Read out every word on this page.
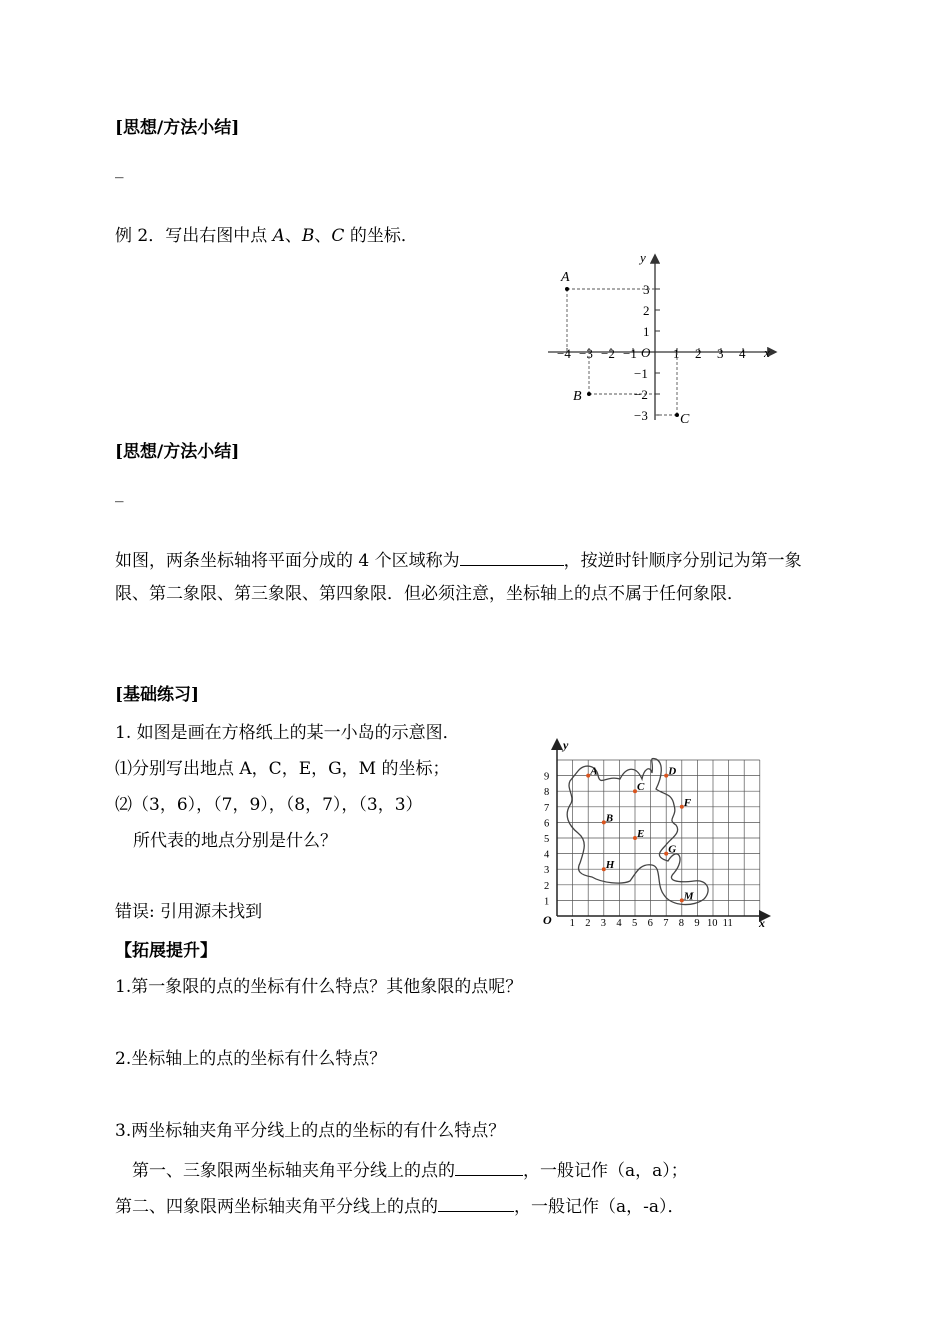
[思想/方法小结]
_
例 2．写出右图中点 A、B、C 的坐标．
−4 −3 −2 −1	1 2 3 4
3
2
1
−1
−2
−3
A
B
C
x
y
O
[思想/方法小结]
_
如图，两条坐标轴将平面分成的 4 个区域称为	，按逆时针顺序分别记为第一象限、第二象限、第三象限、第四象限．但必须注意，坐标轴上的点不属于任何象限．
[基础练习]
1. 如图是画在方格纸上的某一小岛的示意图．
⑴分别写出地点 A，C，E，G，M 的坐标；
⑵（3，6），（7，9），（8，7），（3，3）
所代表的地点分别是什么？
错误: 引用源未找到
1 2 3 4 5 6 7 8 9 10 11
1
2
3
4
5
6
7
8
9	A	D
C
F
B
E
H
G
M
x
y
O
【拓展提升】
1.第一象限的点的坐标有什么特点？其他象限的点呢？
2.坐标轴上的点的坐标有什么特点？
3.两坐标轴夹角平分线上的点的坐标的有什么特点？
第一、三象限两坐标轴夹角平分线上的点的	，一般记作（a，a）；
第二、四象限两坐标轴夹角平分线上的点的	，一般记作（a，-a）．
